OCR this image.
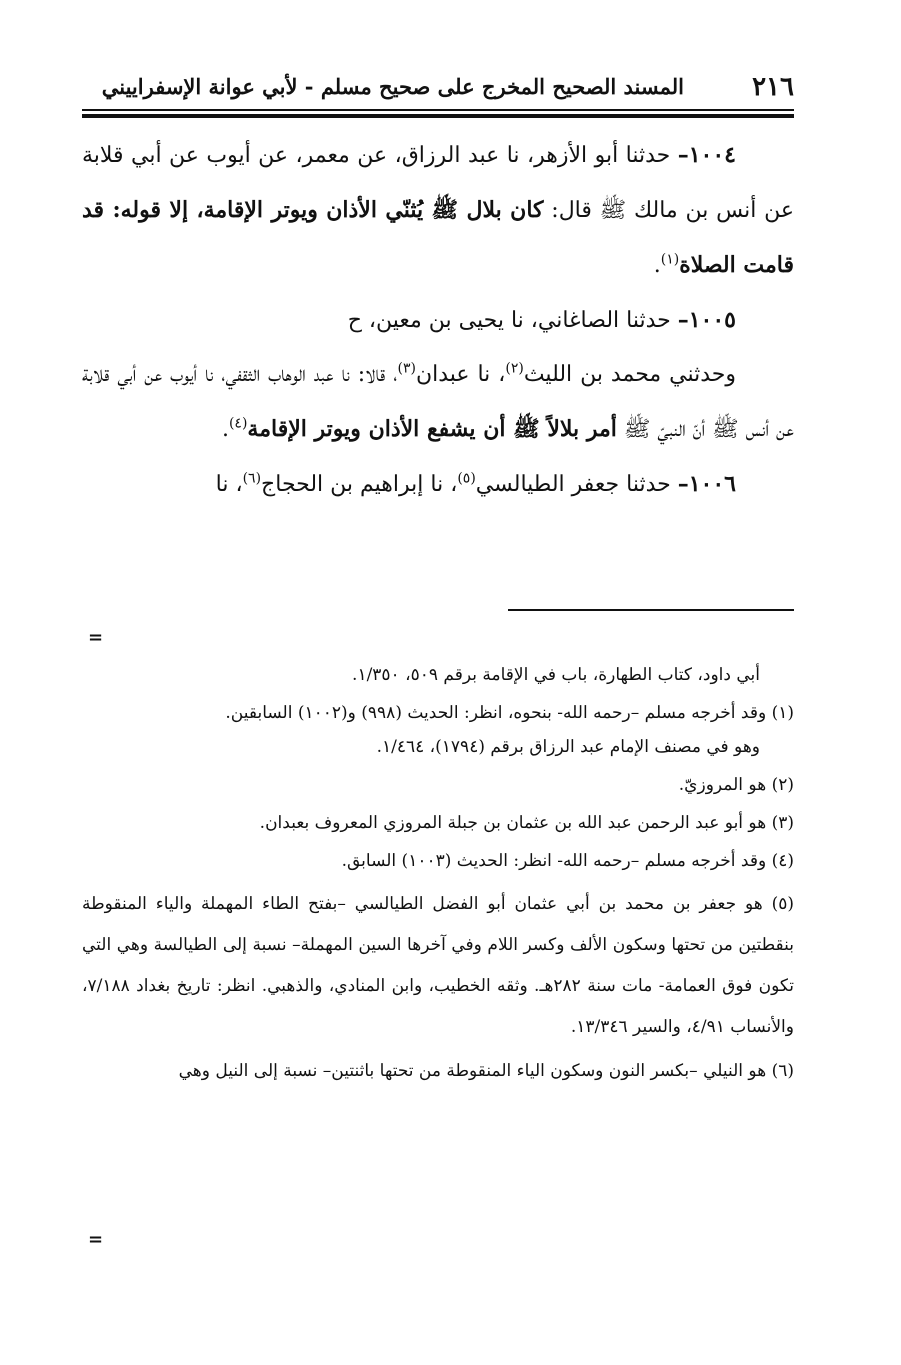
٢١٦
المسند الصحيح المخرج على صحيح مسلم - لأبي عوانة الإسفراييني

١٠٠٤– حدثنا أبو الأزهر، نا عبد الرزاق، عن معمر، عن أيوب عن أبي قلابة عن أنس بن مالك ﷺ قال: كان بلال ﷺ يُثنّي الأذان ويوتر الإقامة، إلا قوله: قد قامت الصلاة$^{(١)}$.

١٠٠٥– حدثنا الصاغاني، نا يحيى بن معين، ح

وحدثني محمد بن الليث$^{(٢)}$، نا عبدان$^{(٣)}$، قالا: نا عبد الوهاب الثقفي، نا أيوب عن أبي قلابة عن أنس ﷺ أنّ النبيّ ﷺ أمر بلالاً ﷺ أن يشفع الأذان ويوتر الإقامة$^{(٤)}$.

١٠٠٦– حدثنا جعفر الطيالسي$^{(٥)}$، نا إبراهيم بن الحجاج$^{(٦)}$، نا

=

أبي داود، كتاب الطهارة، باب في الإقامة برقم ٥٠٩، ١/٣٥٠.

(١) وقد أخرجه مسلم –رحمه الله- بنحوه، انظر: الحديث (٩٩٨) و(١٠٠٢) السابقين.

وهو في مصنف الإمام عبد الرزاق برقم (١٧٩٤)، ١/٤٦٤.

(٢) هو المروزيّ.

(٣) هو أبو عبد الرحمن عبد الله بن عثمان بن جبلة المروزي المعروف بعبدان.

(٤) وقد أخرجه مسلم –رحمه الله- انظر: الحديث (١٠٠٣) السابق.

(٥) هو جعفر بن محمد بن أبي عثمان أبو الفضل الطيالسي –بفتح الطاء المهملة والياء المنقوطة بنقطتين من تحتها وسكون الألف وكسر اللام وفي آخرها السين المهملة– نسبة إلى الطيالسة وهي التي تكون فوق العمامة- مات سنة ٢٨٢هـ. وثقه الخطيب، وابن المنادي، والذهبي. انظر: تاريخ بغداد ٧/١٨٨، والأنساب ٤/٩١، والسير ١٣/٣٤٦.

(٦) هو النيلي –بكسر النون وسكون الياء المنقوطة من تحتها باثنتين– نسبة إلى النيل وهي

=
